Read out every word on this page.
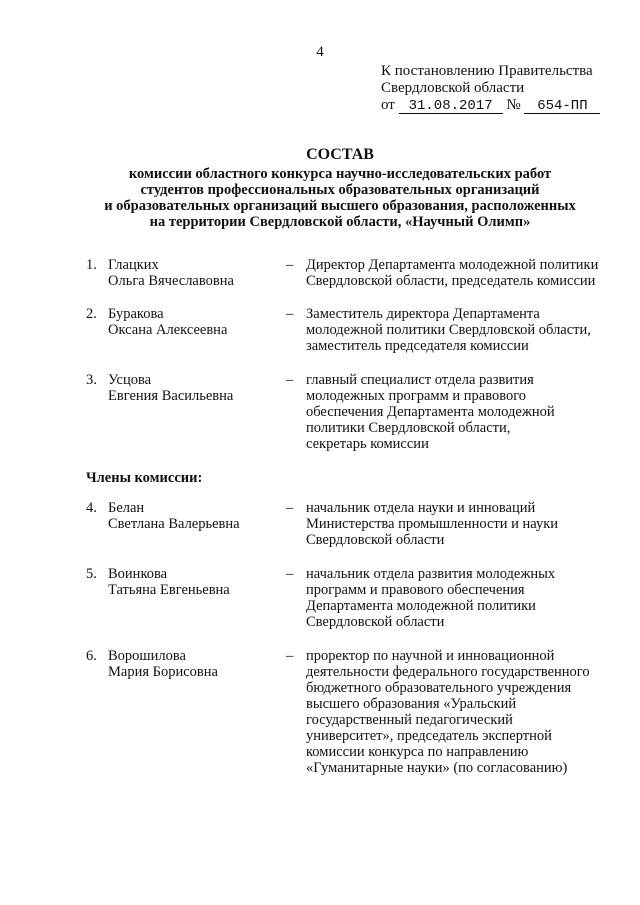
4
К постановлению Правительства
Свердловской области
от 31.08.2017 № 654-ПП
СОСТАВ
комиссии областного конкурса научно-исследовательских работ
студентов профессиональных образовательных организаций
и образовательных организаций высшего образования, расположенных
на территории Свердловской области, «Научный Олимп»
1. Глацких
Ольга Вячеславовна
– Директор Департамента молодежной политики
Свердловской области, председатель комиссии
2. Буракова
Оксана Алексеевна
– Заместитель директора Департамента
молодежной политики Свердловской области,
заместитель председателя комиссии
3. Усцова
Евгения Васильевна
– главный специалист отдела развития
молодежных программ и правового
обеспечения Департамента молодежной
политики Свердловской области,
секретарь комиссии
Члены комиссии:
4. Белан
Светлана Валерьевна
– начальник отдела науки и инноваций
Министерства промышленности и науки
Свердловской области
5. Воинкова
Татьяна Евгеньевна
– начальник отдела развития молодежных
программ и правового обеспечения
Департамента молодежной политики
Свердловской области
6. Ворошилова
Мария Борисовна
– проректор по научной и инновационной
деятельности федерального государственного
бюджетного образовательного учреждения
высшего образования «Уральский
государственный педагогический
университет», председатель экспертной
комиссии конкурса по направлению
«Гуманитарные науки» (по согласованию)
